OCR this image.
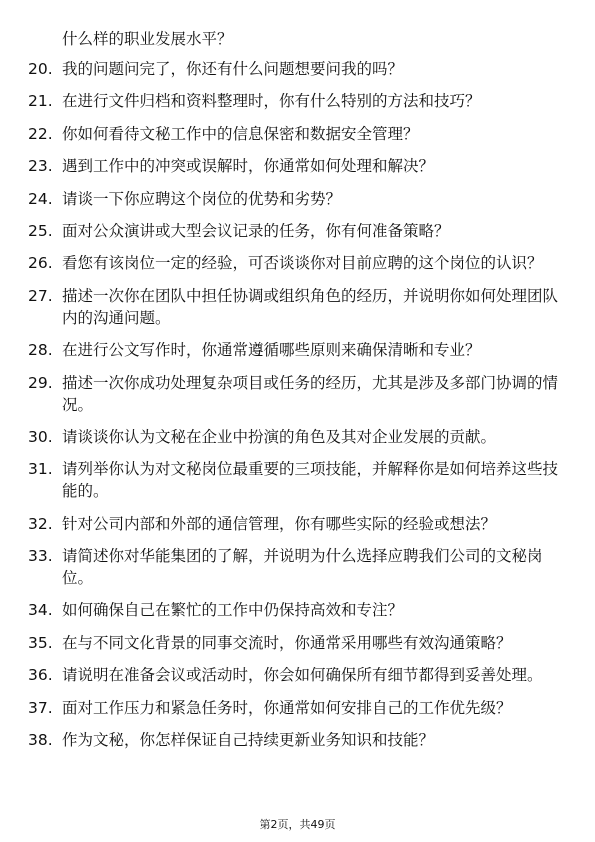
什么样的职业发展水平？
20. 我的问题问完了，你还有什么问题想要问我的吗？
21. 在进行文件归档和资料整理时，你有什么特别的方法和技巧？
22. 你如何看待文秘工作中的信息保密和数据安全管理？
23. 遇到工作中的冲突或误解时，你通常如何处理和解决？
24. 请谈一下你应聘这个岗位的优势和劣势？
25. 面对公众演讲或大型会议记录的任务，你有何准备策略？
26. 看您有该岗位一定的经验，可否谈谈你对目前应聘的这个岗位的认识？
27. 描述一次你在团队中担任协调或组织角色的经历，并说明你如何处理团队内的沟通问题。
28. 在进行公文写作时，你通常遵循哪些原则来确保清晰和专业？
29. 描述一次你成功处理复杂项目或任务的经历，尤其是涉及多部门协调的情况。
30. 请谈谈你认为文秘在企业中扮演的角色及其对企业发展的贡献。
31. 请列举你认为对文秘岗位最重要的三项技能，并解释你是如何培养这些技能的。
32. 针对公司内部和外部的通信管理，你有哪些实际的经验或想法？
33. 请简述你对华能集团的了解，并说明为什么选择应聘我们公司的文秘岗位。
34. 如何确保自己在繁忙的工作中仍保持高效和专注？
35. 在与不同文化背景的同事交流时，你通常采用哪些有效沟通策略？
36. 请说明在准备会议或活动时，你会如何确保所有细节都得到妥善处理。
37. 面对工作压力和紧急任务时，你通常如何安排自己的工作优先级？
38. 作为文秘，你怎样保证自己持续更新业务知识和技能？
第2页，共49页
